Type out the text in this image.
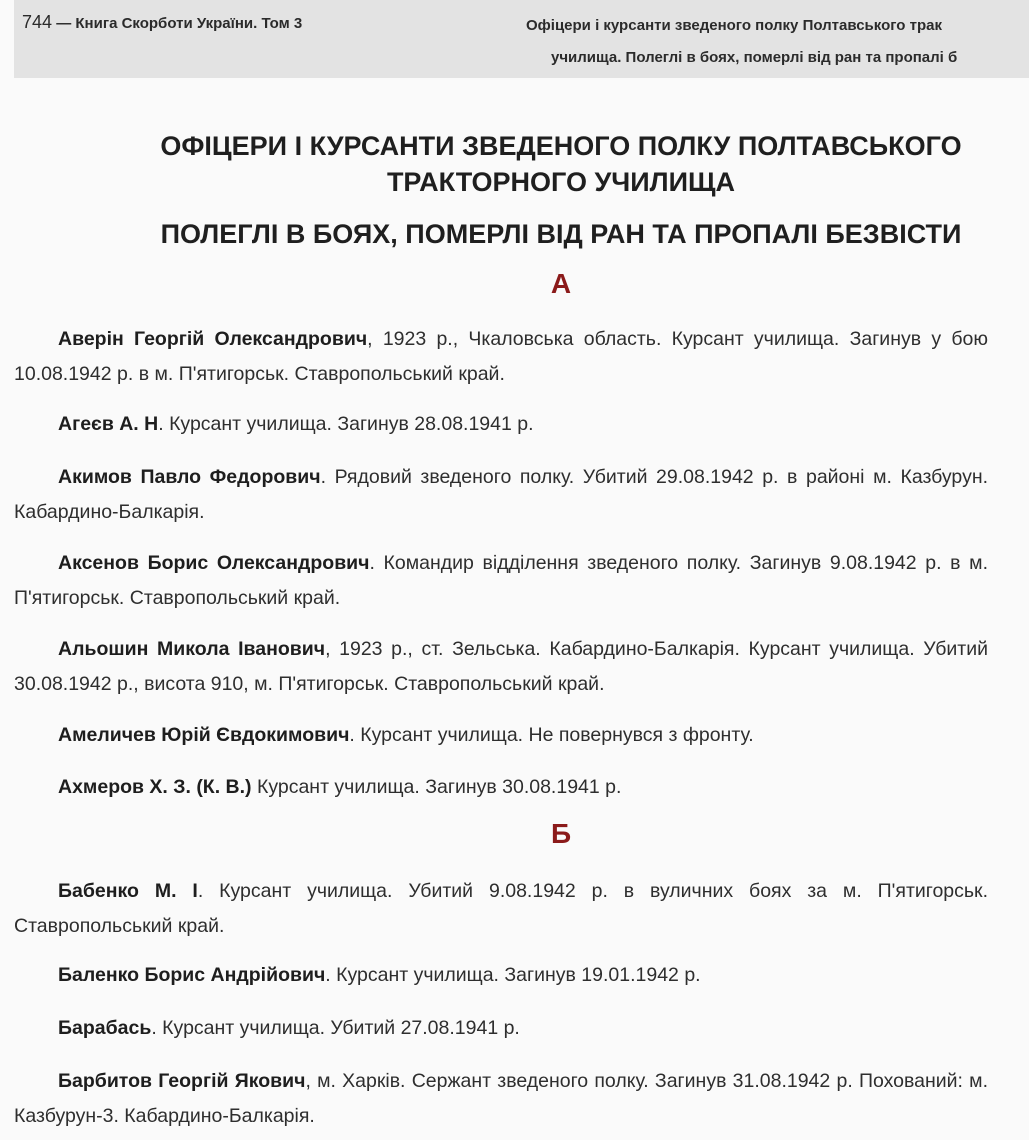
744 — Книга Скорботи України. Том 3	Офіцери і курсанти зведеного полку Полтавського трак
училища. Полеглі в боях, померлі від ран та пропалі б
ОФІЦЕРИ І КУРСАНТИ ЗВЕДЕНОГО ПОЛКУ ПОЛТАВСЬКОГО
ТРАКТОРНОГО УЧИЛИЩА
ПОЛЕГЛІ В БОЯХ, ПОМЕРЛІ ВІД РАН ТА ПРОПАЛІ БЕЗВІСТИ
А

Аверін Георгій Олександрович, 1923 р., Чкаловська область. Курсант училища. Загинув у бою 10.08.1942 р. в м. П'ятигорськ. Ставропольський край.

Агеєв А. Н. Курсант училища. Загинув 28.08.1941 р.

Акимов Павло Федорович. Рядовий зведеного полку. Убитий 29.08.1942 р. в районі м. Казбурун. Кабардино-Балкарія.

Аксенов Борис Олександрович. Командир відділення зведеного полку. Загинув 9.08.1942 р. в м. П'ятигорськ. Ставропольський край.

Альошин Микола Іванович, 1923 р., ст. Зельська. Кабардино-Балкарія. Курсант училища. Убитий 30.08.1942 р., висота 910, м. П'ятигорськ. Ставропольський край.

Амеличев Юрій Євдокимович. Курсант училища. Не повернувся з фронту.

Ахмеров Х. З. (К. В.) Курсант училища. Загинув 30.08.1941 р.

Б

Бабенко М. І. Курсант училища. Убитий 9.08.1942 р. в вуличних боях за м. П'ятигорськ. Ставропольський край.

Баленко Борис Андрійович. Курсант училища. Загинув 19.01.1942 р.

Барабась. Курсант училища. Убитий 27.08.1941 р.

Барбитов Георгій Якович, м. Харків. Сержант зведеного полку. Загинув 31.08.1942 р. Похований: м. Казбурун-3. Кабардино-Балкарія.
